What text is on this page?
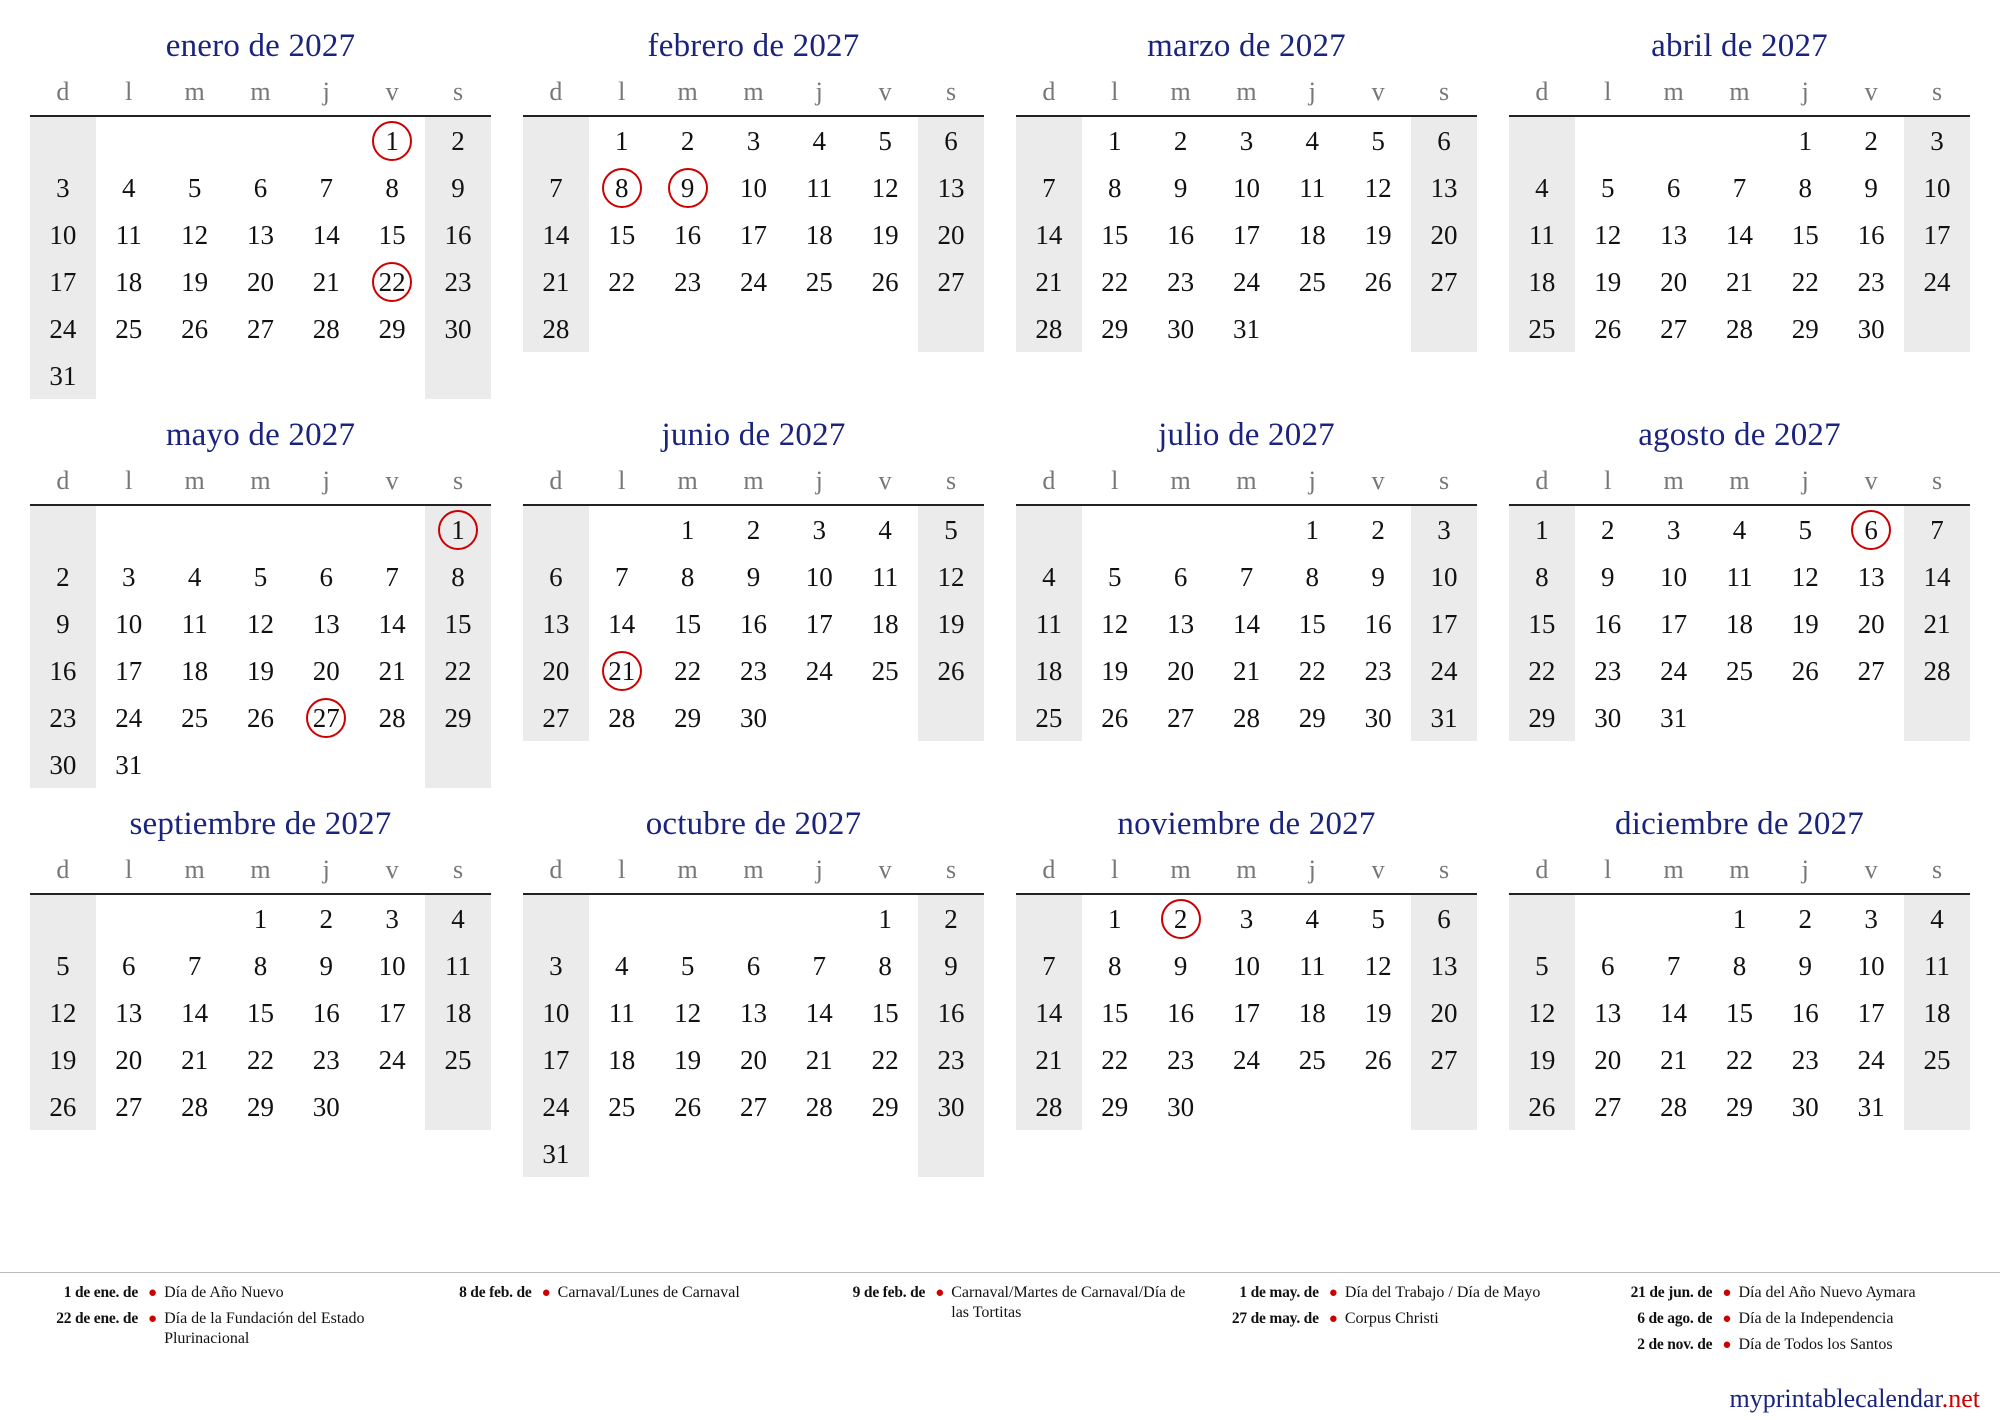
enero de 2027
d	l	m	m	j	v	s
					1	2
3	4	5	6	7	8	9
10	11	12	13	14	15	16
17	18	19	20	21	22	23
24	25	26	27	28	29	30
31						
febrero de 2027
d	l	m	m	j	v	s
	1	2	3	4	5	6
7	8	9	10	11	12	13
14	15	16	17	18	19	20
21	22	23	24	25	26	27
28						
marzo de 2027
d	l	m	m	j	v	s
	1	2	3	4	5	6
7	8	9	10	11	12	13
14	15	16	17	18	19	20
21	22	23	24	25	26	27
28	29	30	31			
abril de 2027
d	l	m	m	j	v	s
				1	2	3
4	5	6	7	8	9	10
11	12	13	14	15	16	17
18	19	20	21	22	23	24
25	26	27	28	29	30	
mayo de 2027
d	l	m	m	j	v	s
						1
2	3	4	5	6	7	8
9	10	11	12	13	14	15
16	17	18	19	20	21	22
23	24	25	26	27	28	29
30	31					
junio de 2027
d	l	m	m	j	v	s
		1	2	3	4	5
6	7	8	9	10	11	12
13	14	15	16	17	18	19
20	21	22	23	24	25	26
27	28	29	30			
julio de 2027
d	l	m	m	j	v	s
				1	2	3
4	5	6	7	8	9	10
11	12	13	14	15	16	17
18	19	20	21	22	23	24
25	26	27	28	29	30	31
agosto de 2027
d	l	m	m	j	v	s
1	2	3	4	5	6	7
8	9	10	11	12	13	14
15	16	17	18	19	20	21
22	23	24	25	26	27	28
29	30	31				
septiembre de 2027
d	l	m	m	j	v	s
			1	2	3	4
5	6	7	8	9	10	11
12	13	14	15	16	17	18
19	20	21	22	23	24	25
26	27	28	29	30		
octubre de 2027
d	l	m	m	j	v	s
					1	2
3	4	5	6	7	8	9
10	11	12	13	14	15	16
17	18	19	20	21	22	23
24	25	26	27	28	29	30
31						
noviembre de 2027
d	l	m	m	j	v	s
	1	2	3	4	5	6
7	8	9	10	11	12	13
14	15	16	17	18	19	20
21	22	23	24	25	26	27
28	29	30				
diciembre de 2027
d	l	m	m	j	v	s
			1	2	3	4
5	6	7	8	9	10	11
12	13	14	15	16	17	18
19	20	21	22	23	24	25
26	27	28	29	30	31	
1 de ene. de ● Día de Año Nuevo
22 de ene. de ● Día de la Fundación del Estado Plurinacional
8 de feb. de ● Carnaval/Lunes de Carnaval	9 de feb. de ● Carnaval/Martes de Carnaval/Día de las Tortitas
1 de may. de ● Día del Trabajo / Día de Mayo
27 de may. de ● Corpus Christi
21 de jun. de ● Día del Año Nuevo Aymara
6 de ago. de ● Día de la Independencia
2 de nov. de ● Día de Todos los Santos
myprintablecalendar.net
